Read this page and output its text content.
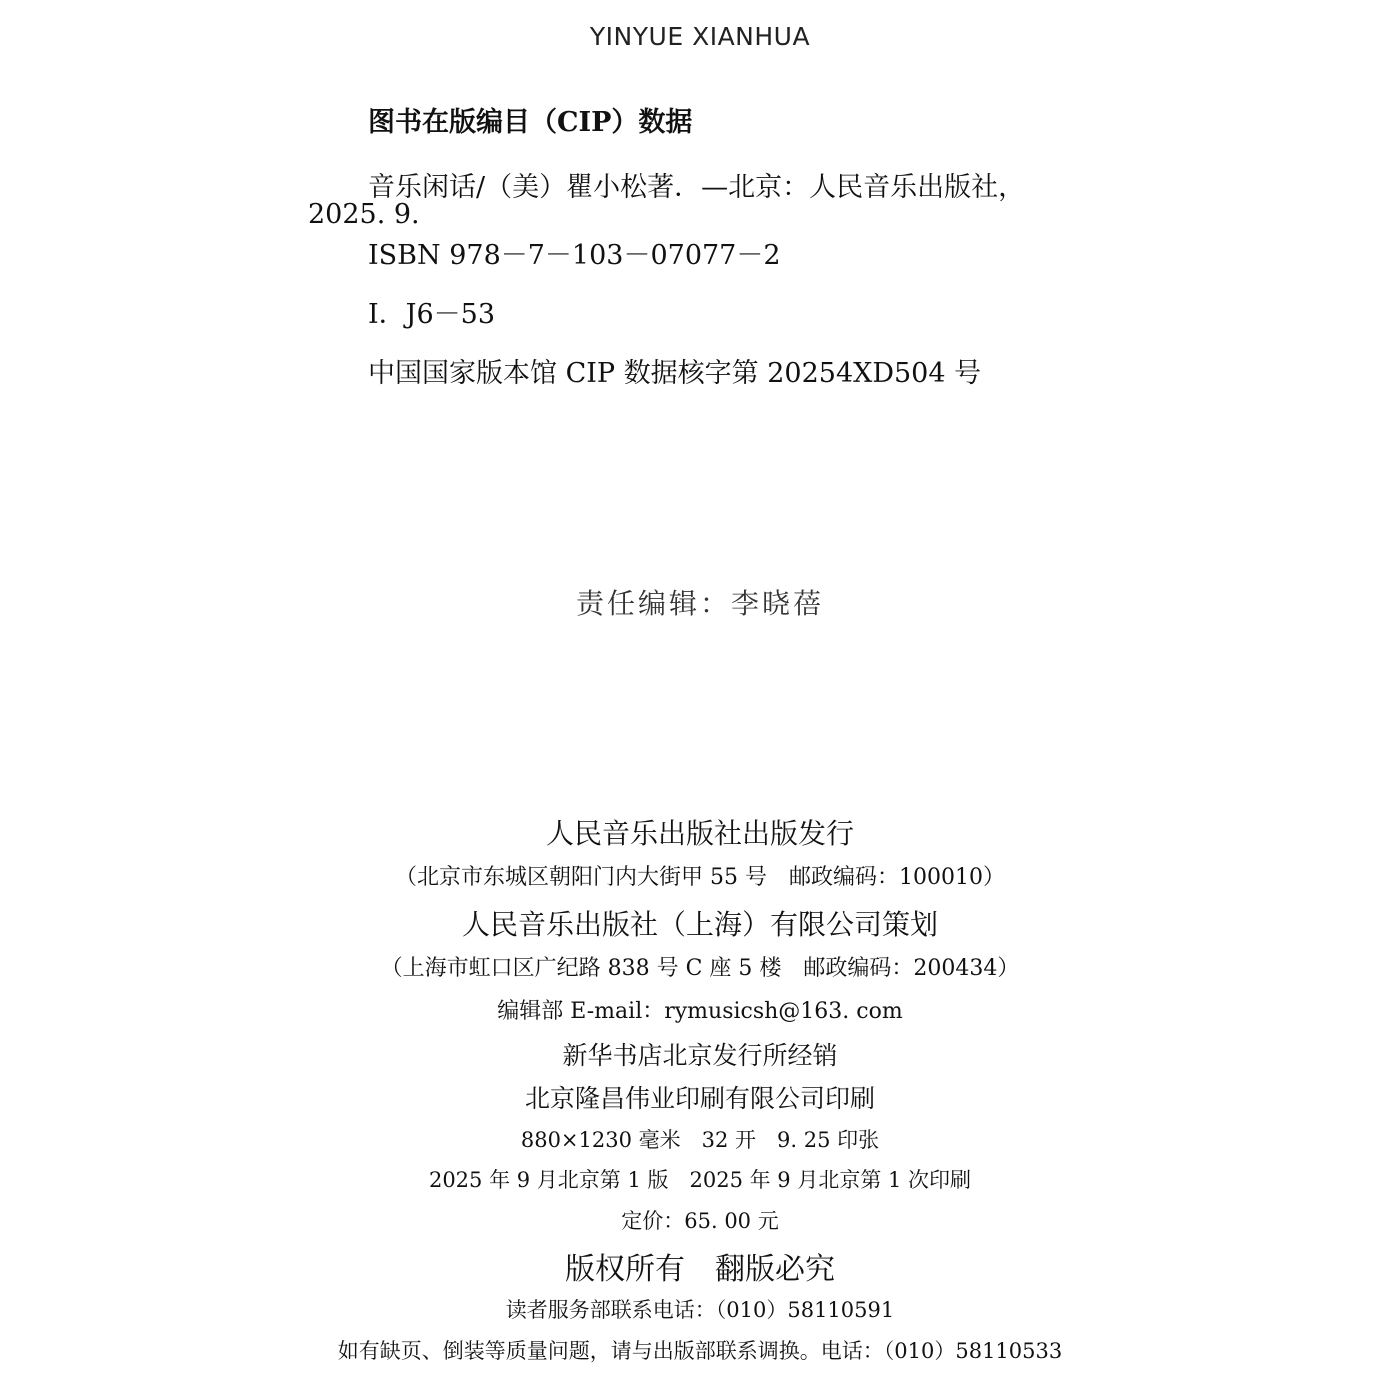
YINYUE XIANHUA
图书在版编目（CIP）数据
音乐闲话/（美）瞿小松著．—北京：人民音乐出版社，
2025. 9.
ISBN 978－7－103－07077－2
Ⅰ．J6－53
中国国家版本馆 CIP 数据核字第 20254XD504 号
责任编辑：李晓蓓
人民音乐出版社出版发行
（北京市东城区朝阳门内大街甲 55 号　邮政编码：100010）
人民音乐出版社（上海）有限公司策划
（上海市虹口区广纪路 838 号 C 座 5 楼　邮政编码：200434）
编辑部 E-mail：rymusicsh@163. com
新华书店北京发行所经销
北京隆昌伟业印刷有限公司印刷
880×1230 毫米　32 开　9. 25 印张
2025 年 9 月北京第 1 版　2025 年 9 月北京第 1 次印刷
定价：65. 00 元
版权所有　翻版必究
读者服务部联系电话：（010）58110591
如有缺页、倒装等质量问题，请与出版部联系调换。电话：（010）58110533
